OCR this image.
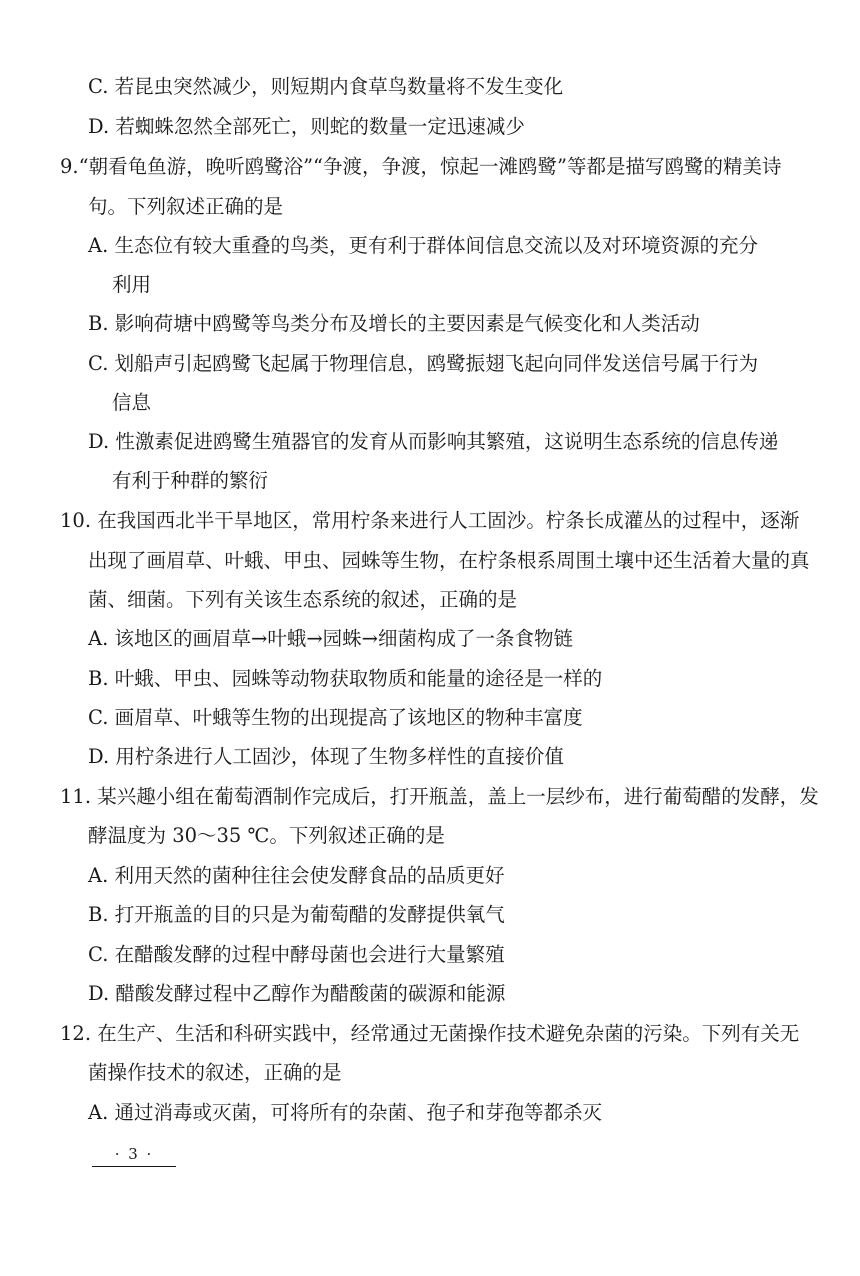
C. 若昆虫突然减少，则短期内食草鸟数量将不发生变化
D. 若蜘蛛忽然全部死亡，则蛇的数量一定迅速减少
9.“朝看龟鱼游，晚听鸥鹭浴”“争渡，争渡，惊起一滩鸥鹭”等都是描写鸥鹭的精美诗
句。下列叙述正确的是
A. 生态位有较大重叠的鸟类，更有利于群体间信息交流以及对环境资源的充分
利用
B. 影响荷塘中鸥鹭等鸟类分布及增长的主要因素是气候变化和人类活动
C. 划船声引起鸥鹭飞起属于物理信息，鸥鹭振翅飞起向同伴发送信号属于行为
信息
D. 性激素促进鸥鹭生殖器官的发育从而影响其繁殖，这说明生态系统的信息传递
有利于种群的繁衍
10. 在我国西北半干旱地区，常用柠条来进行人工固沙。柠条长成灌丛的过程中，逐渐
出现了画眉草、叶蛾、甲虫、园蛛等生物，在柠条根系周围土壤中还生活着大量的真
菌、细菌。下列有关该生态系统的叙述，正确的是
A. 该地区的画眉草→叶蛾→园蛛→细菌构成了一条食物链
B. 叶蛾、甲虫、园蛛等动物获取物质和能量的途径是一样的
C. 画眉草、叶蛾等生物的出现提高了该地区的物种丰富度
D. 用柠条进行人工固沙，体现了生物多样性的直接价值
11. 某兴趣小组在葡萄酒制作完成后，打开瓶盖，盖上一层纱布，进行葡萄醋的发酵，发
酵温度为 30～35 ℃。下列叙述正确的是
A. 利用天然的菌种往往会使发酵食品的品质更好
B. 打开瓶盖的目的只是为葡萄醋的发酵提供氧气
C. 在醋酸发酵的过程中酵母菌也会进行大量繁殖
D. 醋酸发酵过程中乙醇作为醋酸菌的碳源和能源
12. 在生产、生活和科研实践中，经常通过无菌操作技术避免杂菌的污染。下列有关无
菌操作技术的叙述，正确的是
A. 通过消毒或灭菌，可将所有的杂菌、孢子和芽孢等都杀灭
· 3 ·
